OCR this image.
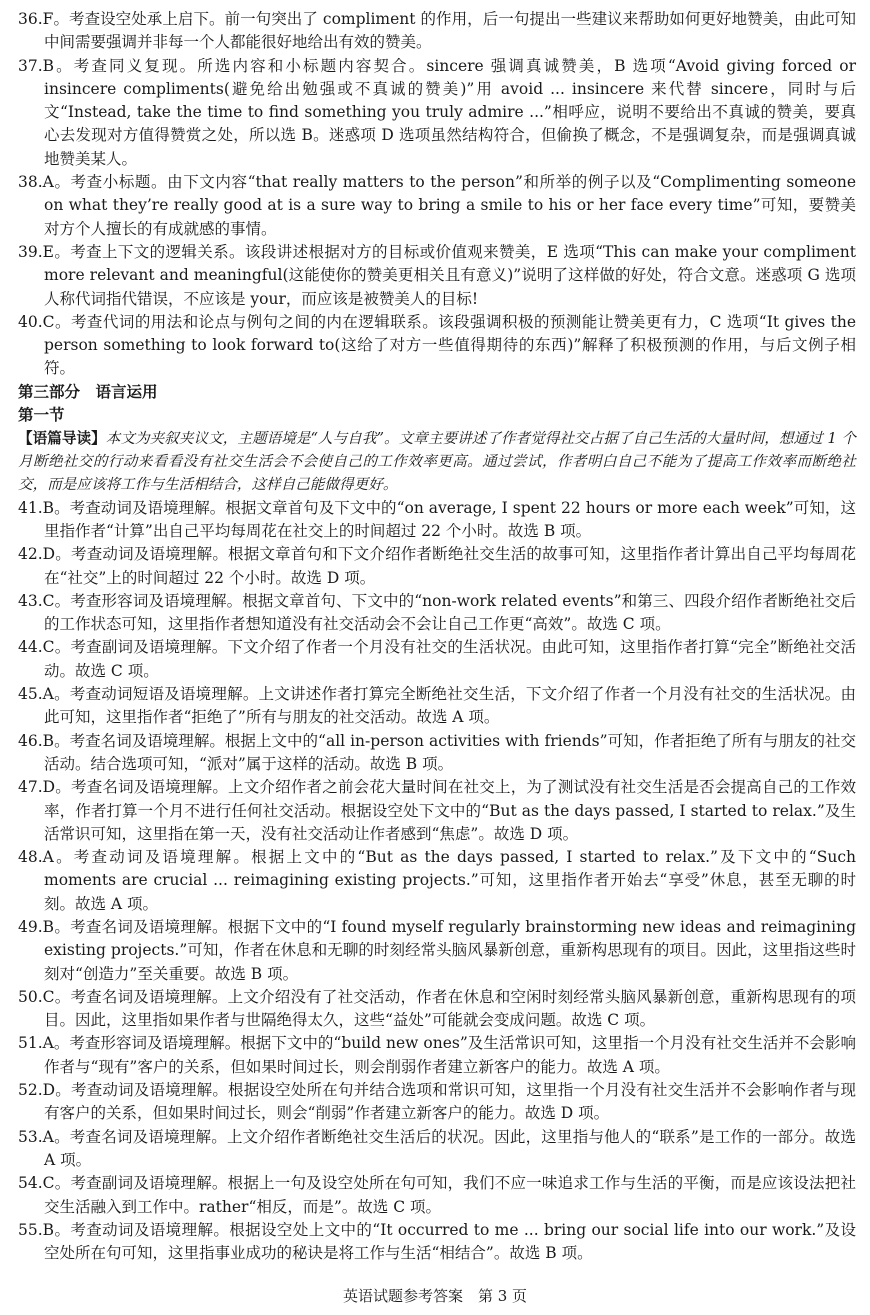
36.F。考查设空处承上启下。前一句突出了 compliment 的作用，后一句提出一些建议来帮助如何更好地赞美，由此可知中间需要强调并非每一个人都能很好地给出有效的赞美。
37.B。考查同义复现。所选内容和小标题内容契合。sincere 强调真诚赞美，B 选项“Avoid giving forced or insincere compliments(避免给出勉强或不真诚的赞美)”用 avoid ... insincere 来代替 sincere，同时与后文“Instead, take the time to find something you truly admire ...”相呼应，说明不要给出不真诚的赞美，要真心去发现对方值得赞赏之处，所以选 B。迷惑项 D 选项虽然结构符合，但偷换了概念，不是强调复杂，而是强调真诚地赞美某人。
38.A。考查小标题。由下文内容“that really matters to the person”和所举的例子以及“Complimenting someone on what they’re really good at is a sure way to bring a smile to his or her face every time”可知，要赞美对方个人擅长的有成就感的事情。
39.E。考查上下文的逻辑关系。该段讲述根据对方的目标或价值观来赞美，E 选项“This can make your compliment more relevant and meaningful(这能使你的赞美更相关且有意义)”说明了这样做的好处，符合文意。迷惑项 G 选项人称代词指代错误，不应该是 your，而应该是被赞美人的目标!
40.C。考查代词的用法和论点与例句之间的内在逻辑联系。该段强调积极的预测能让赞美更有力，C 选项“It gives the person something to look forward to(这给了对方一些值得期待的东西)”解释了积极预测的作用，与后文例子相符。
第三部分　语言运用
第一节
【语篇导读】本文为夹叙夹议文，主题语境是“人与自我”。文章主要讲述了作者觉得社交占据了自己生活的大量时间，想通过 1 个月断绝社交的行动来看看没有社交生活会不会使自己的工作效率更高。通过尝试，作者明白自己不能为了提高工作效率而断绝社交，而是应该将工作与生活相结合，这样自己能做得更好。
41.B。考查动词及语境理解。根据文章首句及下文中的“on average, I spent 22 hours or more each week”可知，这里指作者“计算”出自己平均每周花在社交上的时间超过 22 个小时。故选 B 项。
42.D。考查动词及语境理解。根据文章首句和下文介绍作者断绝社交生活的故事可知，这里指作者计算出自己平均每周花在“社交”上的时间超过 22 个小时。故选 D 项。
43.C。考查形容词及语境理解。根据文章首句、下文中的“non-work related events”和第三、四段介绍作者断绝社交后的工作状态可知，这里指作者想知道没有社交活动会不会让自己工作更“高效”。故选 C 项。
44.C。考查副词及语境理解。下文介绍了作者一个月没有社交的生活状况。由此可知，这里指作者打算“完全”断绝社交活动。故选 C 项。
45.A。考查动词短语及语境理解。上文讲述作者打算完全断绝社交生活，下文介绍了作者一个月没有社交的生活状况。由此可知，这里指作者“拒绝了”所有与朋友的社交活动。故选 A 项。
46.B。考查名词及语境理解。根据上文中的“all in-person activities with friends”可知，作者拒绝了所有与朋友的社交活动。结合选项可知，“派对”属于这样的活动。故选 B 项。
47.D。考查名词及语境理解。上文介绍作者之前会花大量时间在社交上，为了测试没有社交生活是否会提高自己的工作效率，作者打算一个月不进行任何社交活动。根据设空处下文中的“But as the days passed, I started to relax.”及生活常识可知，这里指在第一天，没有社交活动让作者感到“焦虑”。故选 D 项。
48.A。考查动词及语境理解。根据上文中的“But as the days passed, I started to relax.”及下文中的“Such moments are crucial ... reimagining existing projects.”可知，这里指作者开始去“享受”休息，甚至无聊的时刻。故选 A 项。
49.B。考查名词及语境理解。根据下文中的“I found myself regularly brainstorming new ideas and reimagining existing projects.”可知，作者在休息和无聊的时刻经常头脑风暴新创意，重新构思现有的项目。因此，这里指这些时刻对“创造力”至关重要。故选 B 项。
50.C。考查名词及语境理解。上文介绍没有了社交活动，作者在休息和空闲时刻经常头脑风暴新创意，重新构思现有的项目。因此，这里指如果作者与世隔绝得太久，这些“益处”可能就会变成问题。故选 C 项。
51.A。考查形容词及语境理解。根据下文中的“build new ones”及生活常识可知，这里指一个月没有社交生活并不会影响作者与“现有”客户的关系，但如果时间过长，则会削弱作者建立新客户的能力。故选 A 项。
52.D。考查动词及语境理解。根据设空处所在句并结合选项和常识可知，这里指一个月没有社交生活并不会影响作者与现有客户的关系，但如果时间过长，则会“削弱”作者建立新客户的能力。故选 D 项。
53.A。考查名词及语境理解。上文介绍作者断绝社交生活后的状况。因此，这里指与他人的“联系”是工作的一部分。故选 A 项。
54.C。考查副词及语境理解。根据上一句及设空处所在句可知，我们不应一味追求工作与生活的平衡，而是应该设法把社交生活融入到工作中。rather“相反，而是”。故选 C 项。
55.B。考查动词及语境理解。根据设空处上文中的“It occurred to me ... bring our social life into our work.”及设空处所在句可知，这里指事业成功的秘诀是将工作与生活“相结合”。故选 B 项。
英语试题参考答案　第 3 页
